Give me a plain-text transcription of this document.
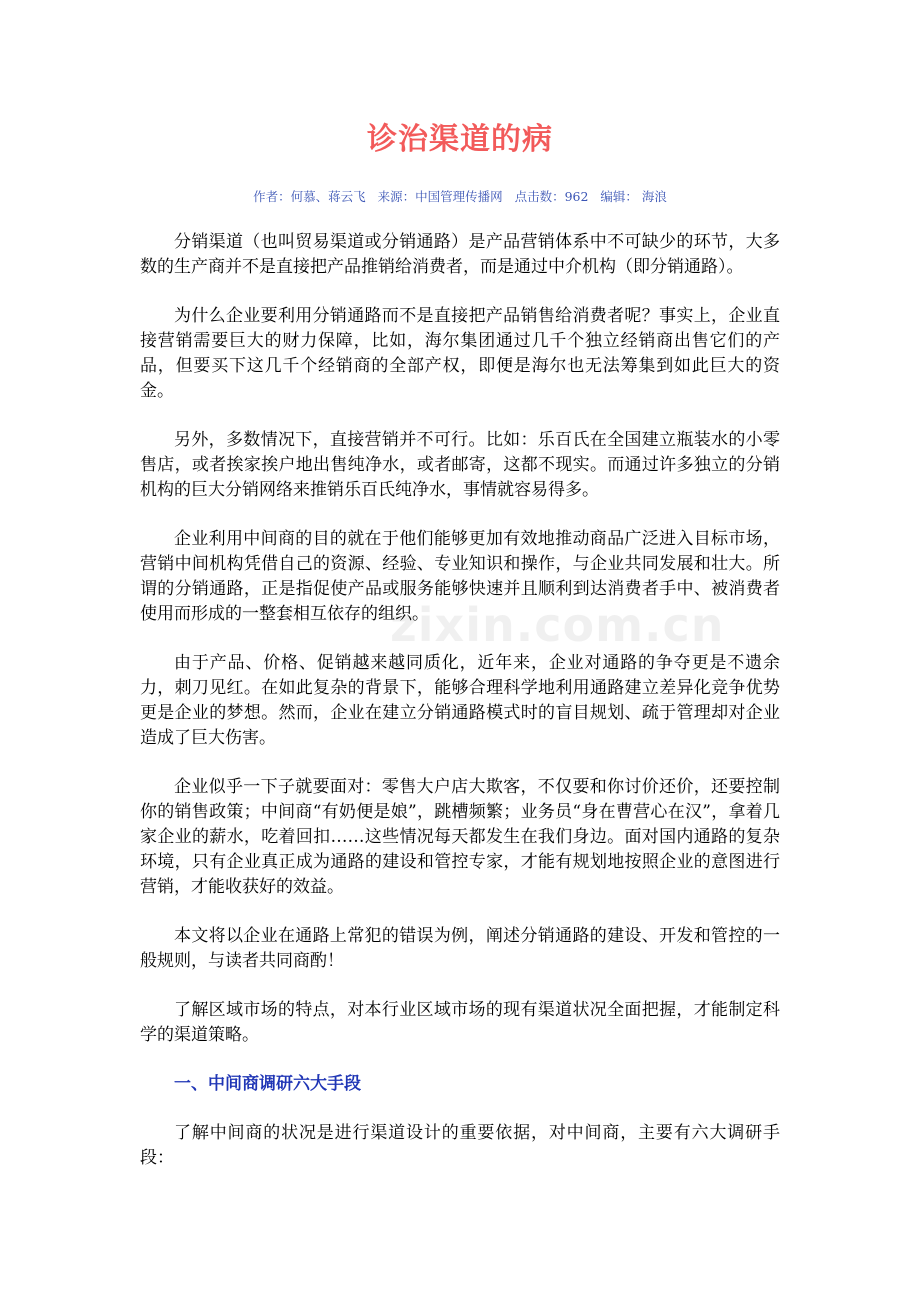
诊治渠道的病
作者：何慕、蒋云飞 来源：中国管理传播网 点击数：962 编辑： 海浪

分销渠道（也叫贸易渠道或分销通路）是产品营销体系中不可缺少的环节，大多数的生产商并不是直接把产品推销给消费者，而是通过中介机构（即分销通路）。

为什么企业要利用分销通路而不是直接把产品销售给消费者呢？事实上，企业直接营销需要巨大的财力保障，比如，海尔集团通过几千个独立经销商出售它们的产品，但要买下这几千个经销商的全部产权，即便是海尔也无法筹集到如此巨大的资金。

另外，多数情况下，直接营销并不可行。比如：乐百氏在全国建立瓶装水的小零售店，或者挨家挨户地出售纯净水，或者邮寄，这都不现实。而通过许多独立的分销机构的巨大分销网络来推销乐百氏纯净水，事情就容易得多。

企业利用中间商的目的就在于他们能够更加有效地推动商品广泛进入目标市场，营销中间机构凭借自己的资源、经验、专业知识和操作，与企业共同发展和壮大。所谓的分销通路，正是指促使产品或服务能够快速并且顺利到达消费者手中、被消费者使用而形成的一整套相互依存的组织。

由于产品、价格、促销越来越同质化，近年来，企业对通路的争夺更是不遗余力，刺刀见红。在如此复杂的背景下，能够合理科学地利用通路建立差异化竞争优势更是企业的梦想。然而，企业在建立分销通路模式时的盲目规划、疏于管理却对企业造成了巨大伤害。

企业似乎一下子就要面对：零售大户店大欺客，不仅要和你讨价还价，还要控制你的销售政策；中间商“有奶便是娘”，跳槽频繁；业务员“身在曹营心在汉”，拿着几家企业的薪水，吃着回扣……这些情况每天都发生在我们身边。面对国内通路的复杂环境，只有企业真正成为通路的建设和管控专家，才能有规划地按照企业的意图进行营销，才能收获好的效益。

本文将以企业在通路上常犯的错误为例，阐述分销通路的建设、开发和管控的一般规则，与读者共同商酌！

了解区域市场的特点，对本行业区域市场的现有渠道状况全面把握，才能制定科学的渠道策略。

一、中间商调研六大手段

了解中间商的状况是进行渠道设计的重要依据，对中间商，主要有六大调研手段：

zixin.com.cn
